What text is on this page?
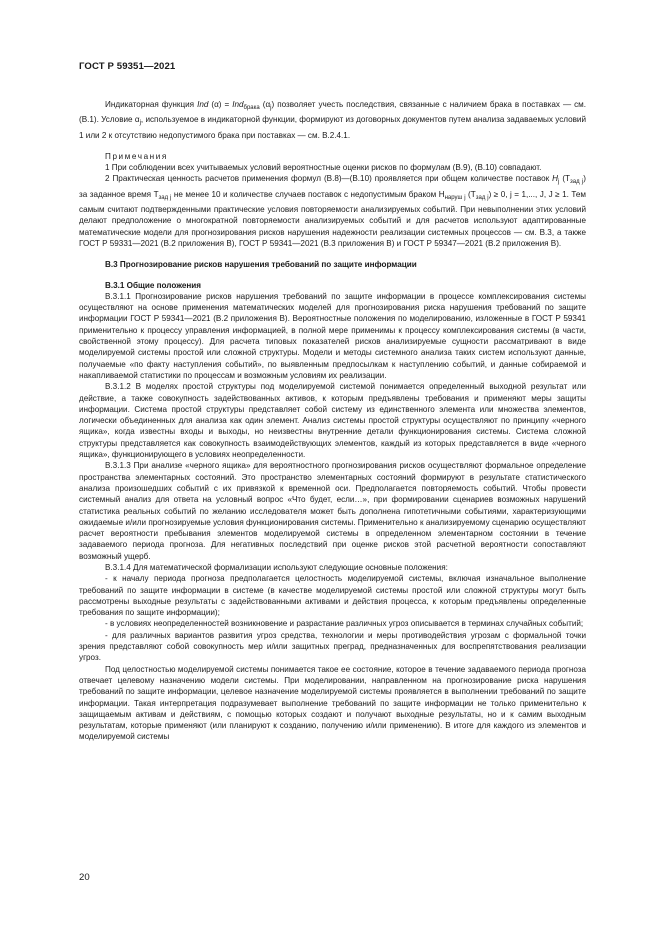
ГОСТ Р 59351—2021

Индикаторная функция Ind (α) = Ind$_{брака}$ $(\alpha_j)$ позволяет учесть последствия, связанные с наличием брака в поставках — см. (В.1). Условие $\alpha_j$, используемое в индикаторной функции, формируют из договорных документов путем анализа задаваемых условий 1 или 2 к отсутствию недопустимого брака при поставках — см. В.2.4.1.

Примечания

1 При соблюдении всех учитываемых условий вероятностные оценки рисков по формулам (В.9), (В.10) совпадают.

2 Практическая ценность расчетов применения формул (В.8)—(В.10) проявляется при общем количестве поставок $H_j$ $(T_{зад j})$ за заданное время $T_{зад j}$ не менее 10 и количестве случаев поставок с недопустимым браком $H_{наруш j}$ $(T_{зад j}) \ge 0$, j = 1,..., J, J ≥ 1. Тем самым считают подтвержденными практические условия повторяемости анализируемых событий. При невыполнении этих условий делают предположение о многократной повторяемости анализируемых событий и для расчетов используют адаптированные математические модели для прогнозирования рисков нарушения надежности реализации системных процессов — см. В.3, а также ГОСТ Р 59331—2021 (В.2 приложения В), ГОСТ Р 59341—2021 (В.3 приложения В) и ГОСТ Р 59347—2021 (В.2 приложения В).

В.3 Прогнозирование рисков нарушения требований по защите информации

В.3.1 Общие положения

В.3.1.1 Прогнозирование рисков нарушения требований по защите информации в процессе комплексирования системы осуществляют на основе применения математических моделей для прогнозирования риска нарушения требований по защите информации ГОСТ Р 59341—2021 (В.2 приложения В). Вероятностные положения по моделированию, изложенные в ГОСТ Р 59341 применительно к процессу управления информацией, в полной мере применимы к процессу комплексирования системы (в части, свойственной этому процессу). Для расчета типовых показателей рисков анализируемые сущности рассматривают в виде моделируемой системы простой или сложной структуры. Модели и методы системного анализа таких систем используют данные, получаемые «по факту наступления событий», по выявленным предпосылкам к наступлению событий, и данные собираемой и накапливаемой статистики по процессам и возможным условиям их реализации.

В.3.1.2 В моделях простой структуры под моделируемой системой понимается определенный выходной результат или действие, а также совокупность задействованных активов, к которым предъявлены требования и применяют меры защиты информации. Система простой структуры представляет собой систему из единственного элемента или множества элементов, логически объединенных для анализа как один элемент. Анализ системы простой структуры осуществляют по принципу «черного ящика», когда известны входы и выходы, но неизвестны внутренние детали функционирования системы. Система сложной структуры представляется как совокупность взаимодействующих элементов, каждый из которых представляется в виде «черного ящика», функционирующего в условиях неопределенности.

В.3.1.3 При анализе «черного ящика» для вероятностного прогнозирования рисков осуществляют формальное определение пространства элементарных состояний. Это пространство элементарных состояний формируют в результате статистического анализа произошедших событий с их привязкой к временной оси. Предполагается повторяемость событий. Чтобы провести системный анализ для ответа на условный вопрос «Что будет, если…», при формировании сценариев возможных нарушений статистика реальных событий по желанию исследователя может быть дополнена гипотетичными событиями, характеризующими ожидаемые и/или прогнозируемые условия функционирования системы. Применительно к анализируемому сценарию осуществляют расчет вероятности пребывания элементов моделируемой системы в определенном элементарном состоянии в течение задаваемого периода прогноза. Для негативных последствий при оценке рисков этой расчетной вероятности сопоставляют возможный ущерб.

В.3.1.4 Для математической формализации используют следующие основные положения:

- к началу периода прогноза предполагается целостность моделируемой системы, включая изначальное выполнение требований по защите информации в системе (в качестве моделируемой системы простой или сложной структуры могут быть рассмотрены выходные результаты с задействованными активами и действия процесса, к которым предъявлены определенные требования по защите информации);

- в условиях неопределенностей возникновение и разрастание различных угроз описывается в терминах случайных событий;

- для различных вариантов развития угроз средства, технологии и меры противодействия угрозам с формальной точки зрения представляют собой совокупность мер и/или защитных преград, предназначенных для воспрепятствования реализации угроз.

Под целостностью моделируемой системы понимается такое ее состояние, которое в течение задаваемого периода прогноза отвечает целевому назначению модели системы. При моделировании, направленном на прогнозирование риска нарушения требований по защите информации, целевое назначение моделируемой системы проявляется в выполнении требований по защите информации. Такая интерпретация подразумевает выполнение требований по защите информации не только применительно к защищаемым активам и действиям, с помощью которых создают и получают выходные результаты, но и к самим выходным результатам, которые применяют (или планируют к созданию, получению и/или применению). В итоге для каждого из элементов и моделируемой системы

20
